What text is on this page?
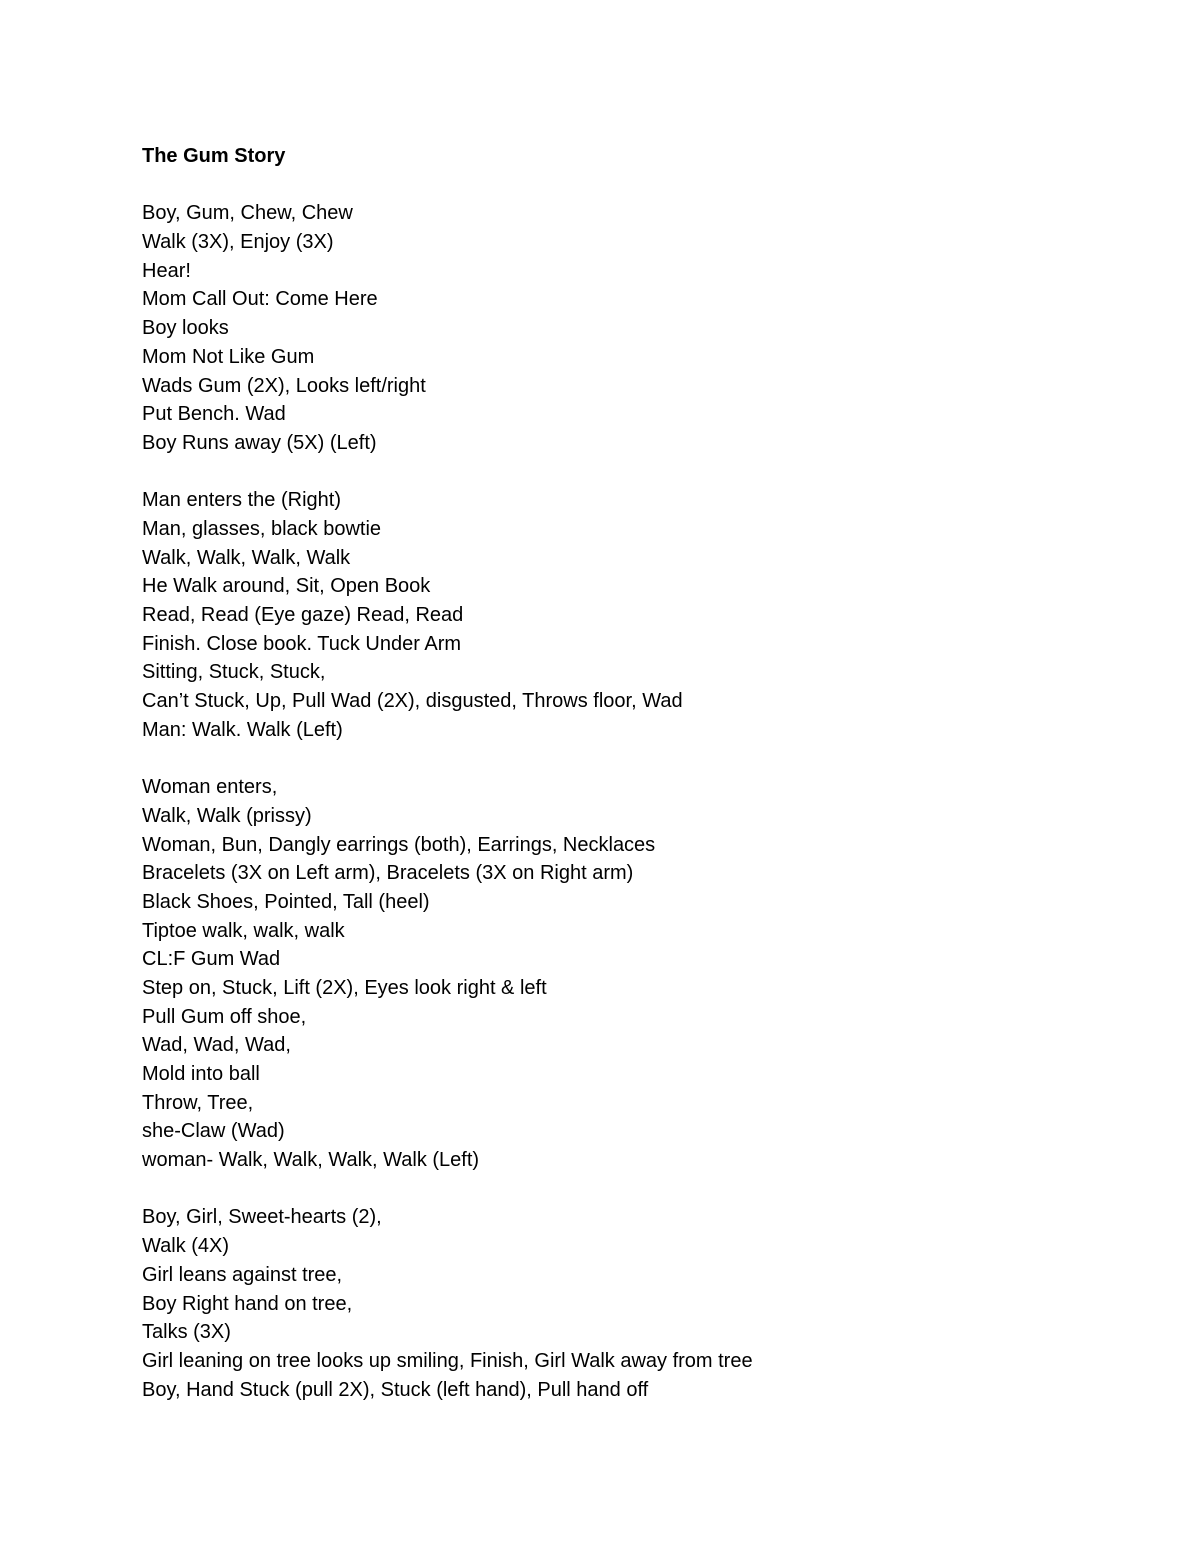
The Gum Story
Boy, Gum, Chew, Chew
Walk (3X), Enjoy (3X)
Hear!
Mom Call Out: Come Here
Boy looks
Mom Not Like Gum
Wads Gum (2X), Looks left/right
Put Bench. Wad
Boy Runs away (5X) (Left)
Man enters the (Right)
Man, glasses, black bowtie
Walk, Walk, Walk, Walk
He Walk around, Sit, Open Book
Read, Read (Eye gaze) Read, Read
Finish. Close book. Tuck Under Arm
Sitting, Stuck, Stuck,
Can’t Stuck, Up, Pull Wad (2X), disgusted, Throws floor, Wad
Man: Walk. Walk (Left)
Woman enters,
Walk, Walk (prissy)
Woman, Bun, Dangly earrings (both), Earrings, Necklaces
Bracelets (3X on Left arm), Bracelets (3X on Right arm)
Black Shoes, Pointed, Tall (heel)
Tiptoe walk, walk, walk
CL:F Gum Wad
Step on, Stuck, Lift (2X), Eyes look right & left
Pull Gum off shoe,
Wad, Wad, Wad,
Mold into ball
Throw, Tree,
she-Claw (Wad)
woman- Walk, Walk, Walk, Walk (Left)
Boy, Girl, Sweet-hearts (2),
Walk (4X)
Girl leans against tree,
Boy Right hand on tree,
Talks (3X)
Girl leaning on tree looks up smiling, Finish, Girl Walk away from tree
Boy, Hand Stuck (pull 2X), Stuck (left hand), Pull hand off
